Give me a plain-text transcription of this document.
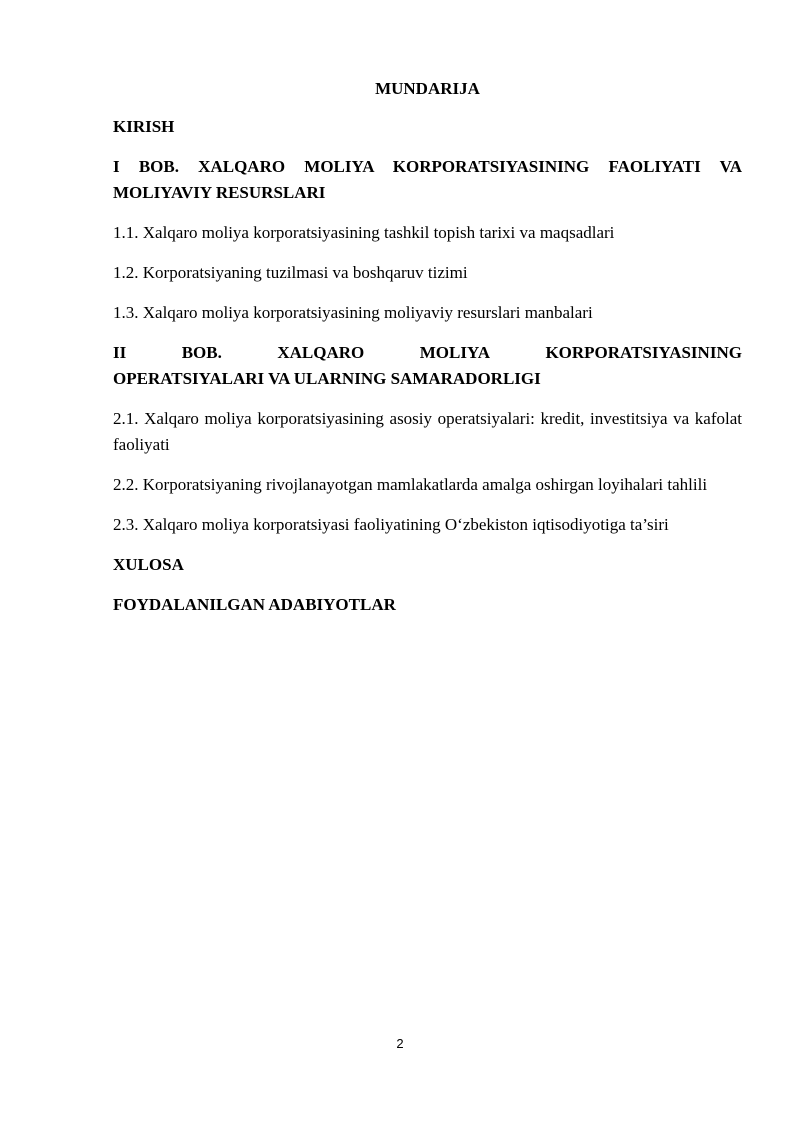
MUNDARIJA
KIRISH
I BOB. XALQARO MOLIYA KORPORATSIYASINING FAOLIYATI VA
MOLIYAVIY RESURSLARI
1.1. Xalqaro moliya korporatsiyasining tashkil topish tarixi va maqsadlari
1.2. Korporatsiyaning tuzilmasi va boshqaruv tizimi
1.3. Xalqaro moliya korporatsiyasining moliyaviy resurslari manbalari
II	BOB.	XALQARO	MOLIYA	KORPORATSIYASINING
OPERATSIYALARI VA ULARNING SAMARADORLIGI
2.1. Xalqaro moliya korporatsiyasining asosiy operatsiyalari: kredit, investitsiya va kafolat faoliyati
2.2. Korporatsiyaning rivojlanayotgan mamlakatlarda amalga oshirgan loyihalari tahlili
2.3. Xalqaro moliya korporatsiyasi faoliyatining O‘zbekiston iqtisodiyotiga ta’siri
XULOSA
FOYDALANILGAN ADABIYOTLAR
2
